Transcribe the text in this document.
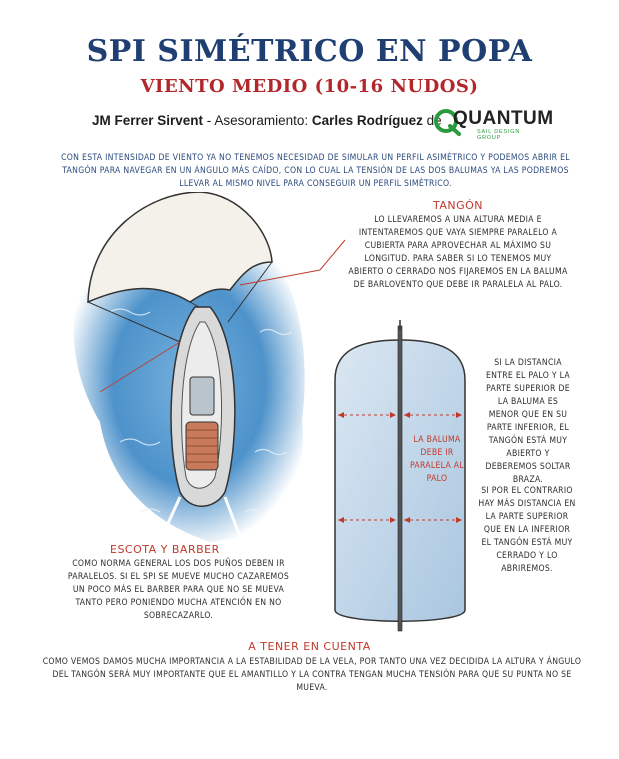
SPI SIMÉTRICO EN POPA
VIENTO MEDIO (10-16 NUDOS)
JM Ferrer Sirvent - Asesoramiento: Carles Rodríguez de QUANTUM
SAIL DESIGN GROUP
CON ESTA INTENSIDAD DE VIENTO YA NO TENEMOS NECESIDAD DE SIMULAR UN PERFIL ASIMÉTRICO Y PODEMOS ABRIR EL TANGÓN PARA NAVEGAR EN UN ÁNGULO MÁS CAÍDO, CON LO CUAL LA TENSIÓN DE LAS DOS BALUMAS YA LAS PODREMOS LLEVAR AL MISMO NIVEL PARA CONSEGUIR UN PERFIL SIMÉTRICO.
TANGÓN
LO LLEVAREMOS A UNA ALTURA MEDIA E INTENTAREMOS QUE VAYA SIEMPRE PARALELO A CUBIERTA PARA APROVECHAR AL MÁXIMO SU LONGITUD. PARA SABER SI LO TENEMOS MUY ABIERTO O CERRADO NOS FIJAREMOS EN LA BALUMA DE BARLOVENTO QUE DEBE IR PARALELA AL PALO.
LA BALUMA DEBE IR PARALELA AL PALO
SI LA DISTANCIA ENTRE EL PALO Y LA PARTE SUPERIOR DE LA BALUMA ES MENOR QUE EN SU PARTE INFERIOR, EL TANGÓN ESTÁ MUY ABIERTO Y DEBEREMOS SOLTAR BRAZA.
SI POR EL CONTRARIO HAY MÁS DISTANCIA EN LA PARTE SUPERIOR QUE EN LA INFERIOR EL TANGÓN ESTÁ MUY CERRADO Y LO ABRIREMOS.
ESCOTA Y BARBER
COMO NORMA GENERAL LOS DOS PUÑOS DEBEN IR PARALELOS. SI EL SPI SE MUEVE MUCHO CAZAREMOS UN POCO MÁS EL BARBER PARA QUE NO SE MUEVA TANTO PERO PONIENDO MUCHA ATENCIÓN EN NO SOBRECAZARLO.
A TENER EN CUENTA
COMO VEMOS DAMOS MUCHA IMPORTANCIA A LA ESTABILIDAD DE LA VELA, POR TANTO UNA VEZ DECIDIDA LA ALTURA Y ÁNGULO DEL TANGÓN SERÁ MUY IMPORTANTE QUE EL AMANTILLO Y LA CONTRA TENGAN MUCHA TENSIÓN PARA QUE SU PUNTA NO SE MUEVA.
